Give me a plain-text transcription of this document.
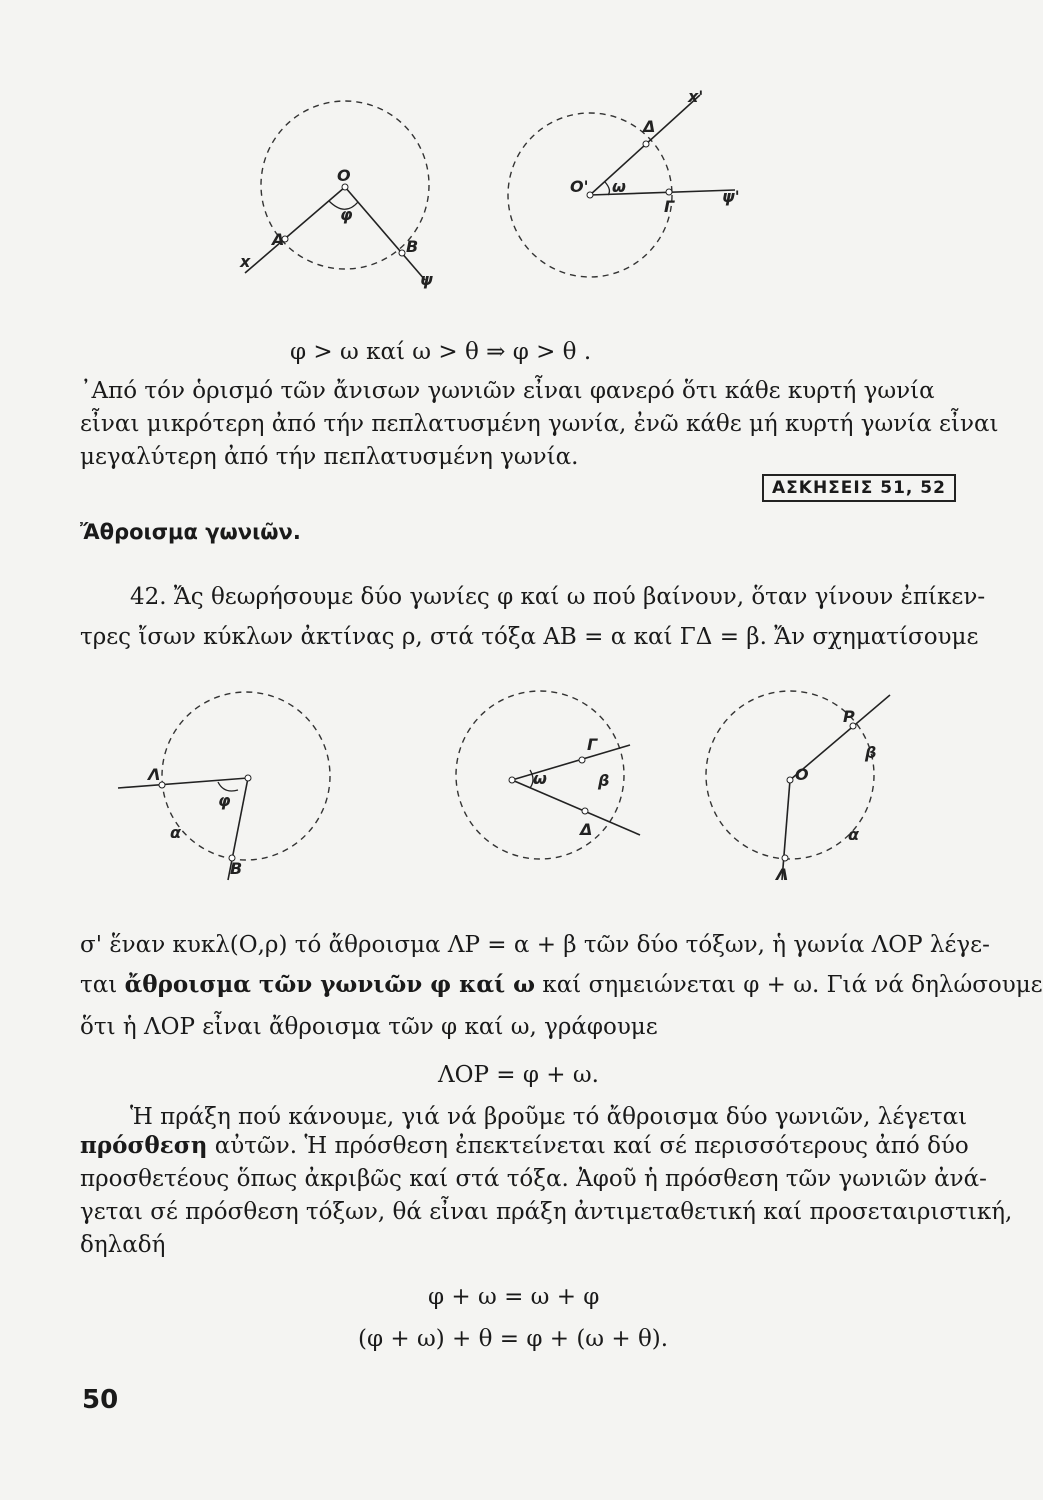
O
A	B
x
ψ
φ
O'
Δ
Γ
x'
ψ'
ω
φ > ω καί ω > θ ⇒ φ > θ .
᾿Από τόν ὁρισμό τῶν ἄνισων γωνιῶν εἶναι φανερό ὅτι κάθε κυρτή γωνία
εἶναι μικρότερη ἀπό τήν πεπλατυσμένη γωνία, ἐνῶ κάθε μή κυρτή γωνία εἶναι
μεγαλύτερη ἀπό τήν πεπλατυσμένη γωνία.
ΑΣΚΗΣΕΙΣ 51, 52
Ἄθροισμα γωνιῶν.
42. Ἄς θεωρήσουμε δύο γωνίες φ καί ω πού βαίνουν, ὅταν γίνουν ἐπίκεν-
τρες ἴσων κύκλων ἀκτίνας ρ, στά τόξα ΑΒ = α καί ΓΔ = β. Ἄν σχηματίσουμε
Λ
Β
α
φ
Γ
Δ
β
ω	O
P
Λ
β
α
σ' ἕναν κυκλ(Ο,ρ) τό ἄθροισμα ΛΡ = α + β τῶν δύο τόξων, ἡ γωνία ΛΟΡ λέγε-
ται ἄθροισμα τῶν γωνιῶν φ καί ω καί σημειώνεται φ + ω. Γιά νά δηλώσουμε
ὅτι ἡ ΛΟΡ εἶναι ἄθροισμα τῶν φ καί ω, γράφουμε
ΛΟΡ = φ + ω.
Ἡ πράξη πού κάνουμε, γιά νά βροῦμε τό ἄθροισμα δύο γωνιῶν, λέγεται
πρόσθεση αὐτῶν. Ἡ πρόσθεση ἐπεκτείνεται καί σέ περισσότερους ἀπό δύο
προσθετέους ὅπως ἀκριβῶς καί στά τόξα. Ἀφοῦ ἡ πρόσθεση τῶν γωνιῶν ἀνά-
γεται σέ πρόσθεση τόξων, θά εἶναι πράξη ἀντιμεταθετική καί προσεταιριστική,
δηλαδή
φ + ω = ω + φ
(φ + ω) + θ = φ + (ω + θ).
50
